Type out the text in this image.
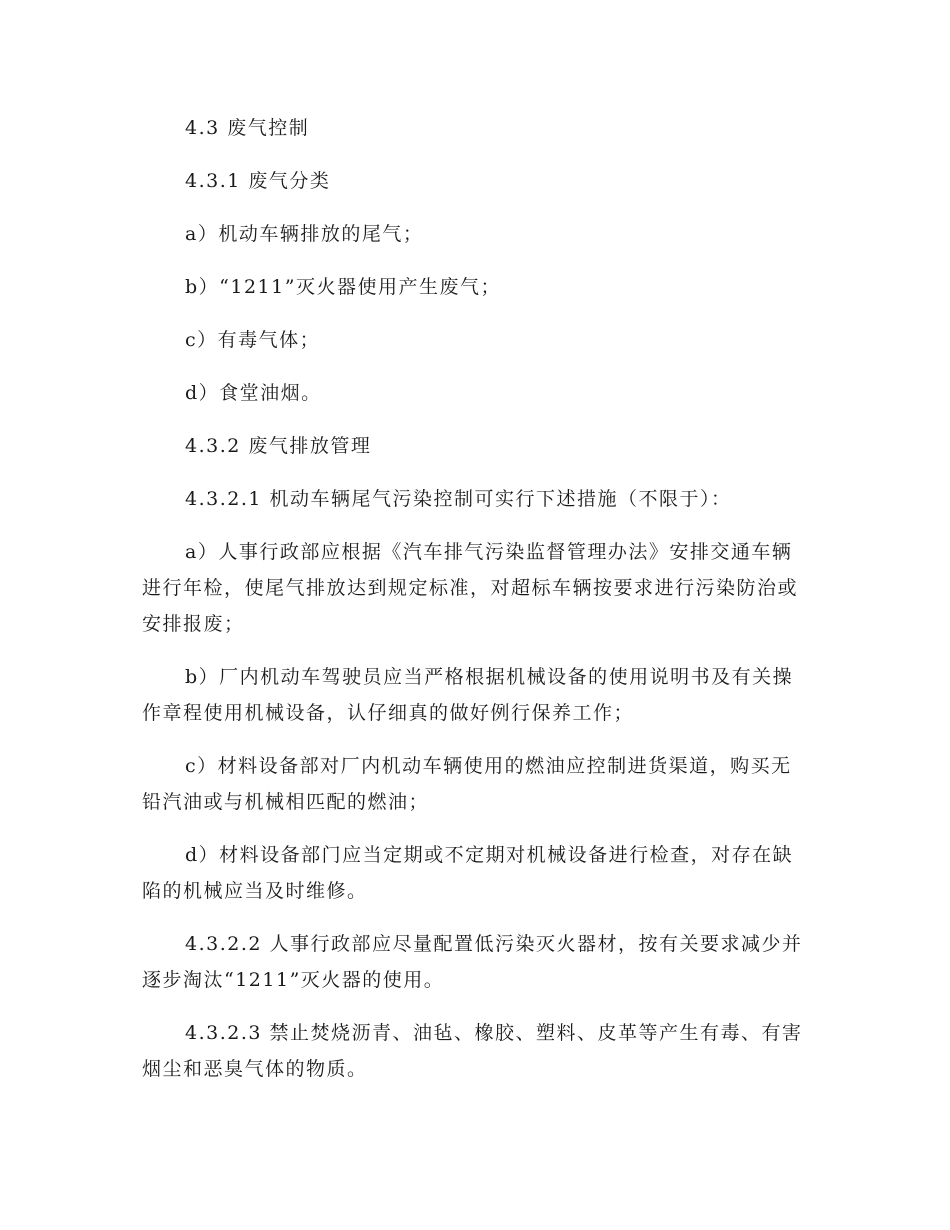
4.3 废气控制

4.3.1 废气分类

a）机动车辆排放的尾气；

b）“1211”灭火器使用产生废气；

c）有毒气体；

d）食堂油烟。

4.3.2 废气排放管理

4.3.2.1 机动车辆尾气污染控制可实行下述措施（不限于）：

a）人事行政部应根据《汽车排气污染监督管理办法》安排交通车辆进行年检，使尾气排放达到规定标准，对超标车辆按要求进行污染防治或安排报废；

b）厂内机动车驾驶员应当严格根据机械设备的使用说明书及有关操作章程使用机械设备，认仔细真的做好例行保养工作；

c）材料设备部对厂内机动车辆使用的燃油应控制进货渠道，购买无铅汽油或与机械相匹配的燃油；

d）材料设备部门应当定期或不定期对机械设备进行检查，对存在缺陷的机械应当及时维修。

4.3.2.2 人事行政部应尽量配置低污染灭火器材，按有关要求减少并逐步淘汰“1211”灭火器的使用。

4.3.2.3 禁止焚烧沥青、油毡、橡胶、塑料、皮革等产生有毒、有害烟尘和恶臭气体的物质。
